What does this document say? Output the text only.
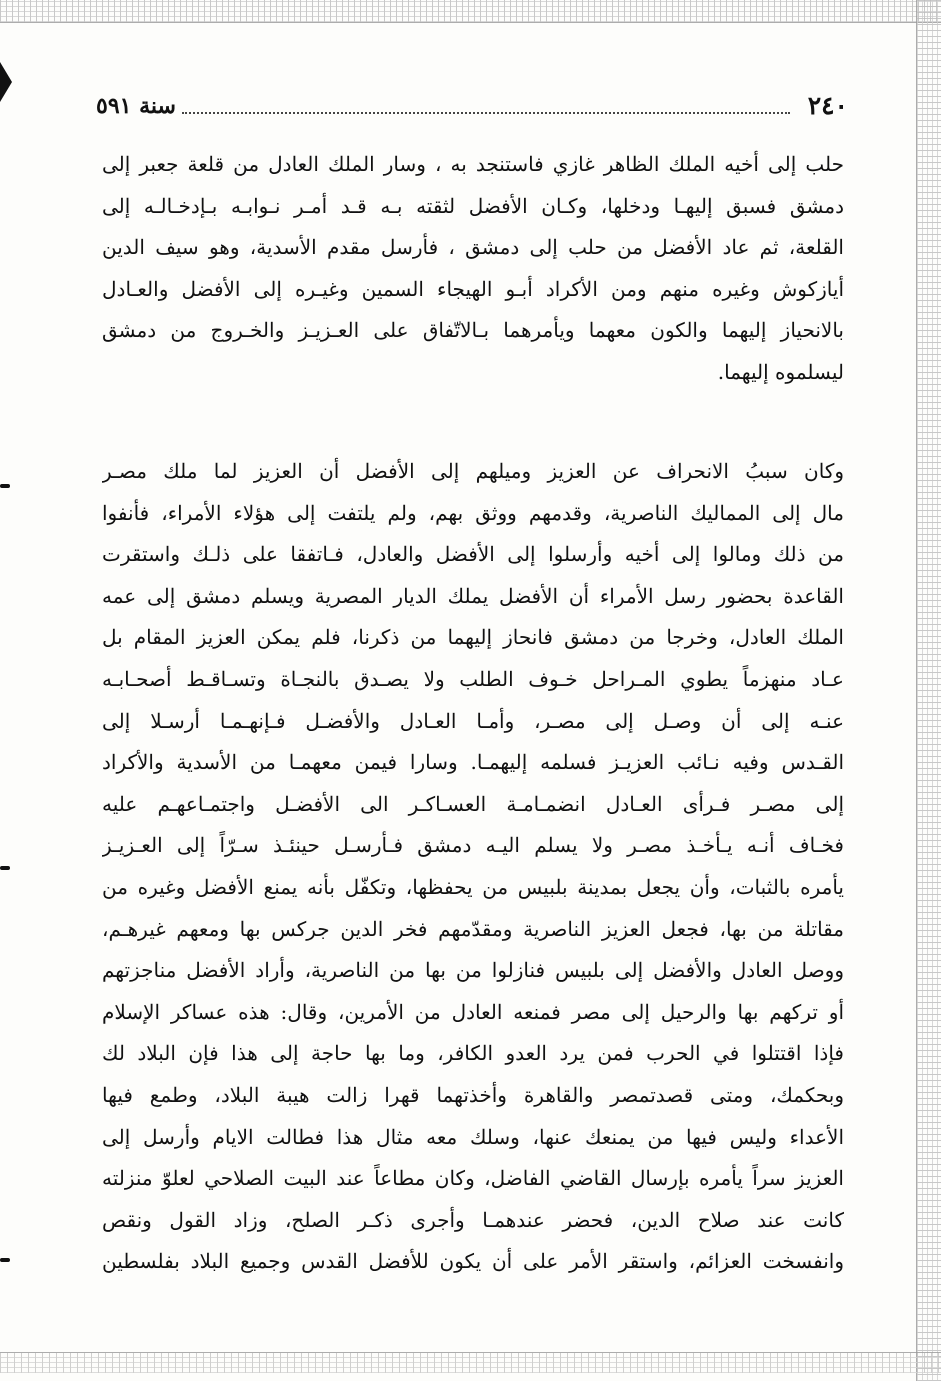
٢٤٠
سنة ٥٩١
حلب إلى أخيه الملك الظاهر غازي فاستنجد به ، وسار الملك العادل من قلعة جعبر إلى
دمشق فسبق إليهـا ودخلها، وكـان الأفضل لثقته بـه قـد أمـر نـوابـه بـإدخـالـه إلى
القلعة، ثم عاد الأفضل من حلب إلى دمشق ، فأرسل مقدم الأسدية، وهو سيف الدين
أيازكوش وغيره منهم ومن الأكراد أبـو الهيجاء السمين وغيـره إلى الأفضل والعـادل
بالانحياز إليهما والكون معهما ويأمرهما بـالاتّفاق على العـزيـز والخـروج من دمشق
ليسلموه إليهما.
وكان سببُ الانحراف عن العزيز وميلهم إلى الأفضل أن العزيز لما ملك مصـر
مال إلى المماليك الناصرية، وقدمهم ووثق بهم، ولم يلتفت إلى هؤلاء الأمراء، فأنفوا
من ذلك ومالوا إلى أخيه وأرسلوا إلى الأفضل والعادل، فـاتفقا على ذلـك واستقرت
القاعدة بحضور رسل الأمراء أن الأفضل يملك الديار المصرية ويسلم دمشق إلى عمه
الملك العادل، وخرجا من دمشق فانحاز إليهما من ذكرنا، فلم يمكن العزيز المقام بل
عـاد منهزماً يطوي المـراحل خـوف الطلب ولا يصـدق بالنجـاة وتسـاقـط أصحـابـه
عنـه إلى أن وصـل إلى مصـر، وأمـا العـادل والأفضـل فـإنهـمـا أرسـلا إلى
القـدس وفيه نـائب العزيـز فسلمه إليهمـا. وسارا فيمن معهمـا من الأسدية والأكراد
إلى مصـر فـرأى العـادل انضمـامـة العسـاكـر الى الأفضـل واجتمـاعهـم عليه
فخـاف أنـه يـأخـذ مصـر ولا يسلم اليـه دمشق فـأرسـل حينئـذ سـرّاً إلى العـزيـز
يأمره بالثبات، وأن يجعل بمدينة بلبيس من يحفظها، وتكفّل بأنه يمنع الأفضل وغيره من
مقاتلة من بها، فجعل العزيز الناصرية ومقدّمهم فخر الدين جركس بها ومعهم غيرهـم،
ووصل العادل والأفضل إلى بلبيس فنازلوا من بها من الناصرية، وأراد الأفضل مناجزتهم
أو تركهم بها والرحيل إلى مصر فمنعه العادل من الأمرين، وقال: هذه عساكر الإسلام
فإذا اقتتلوا في الحرب فمن يرد العدو الكافر، وما بها حاجة إلى هذا فإن البلاد لك
وبحكمك، ومتى قصدتمصر والقاهرة وأخذتهما قهرا زالت هيبة البلاد، وطمع فيها
الأعداء وليس فيها من يمنعك عنها، وسلك معه مثال هذا فطالت الايام وأرسل إلى
العزيز سراً يأمره بإرسال القاضي الفاضل، وكان مطاعاً عند البيت الصلاحي لعلوّ منزلته
كانت عند صلاح الدين، فحضر عندهمـا وأجرى ذكـر الصلح، وزاد القول ونقص
وانفسخت العزائم، واستقر الأمر على أن يكون للأفضل القدس وجميع البلاد بفلسطين
